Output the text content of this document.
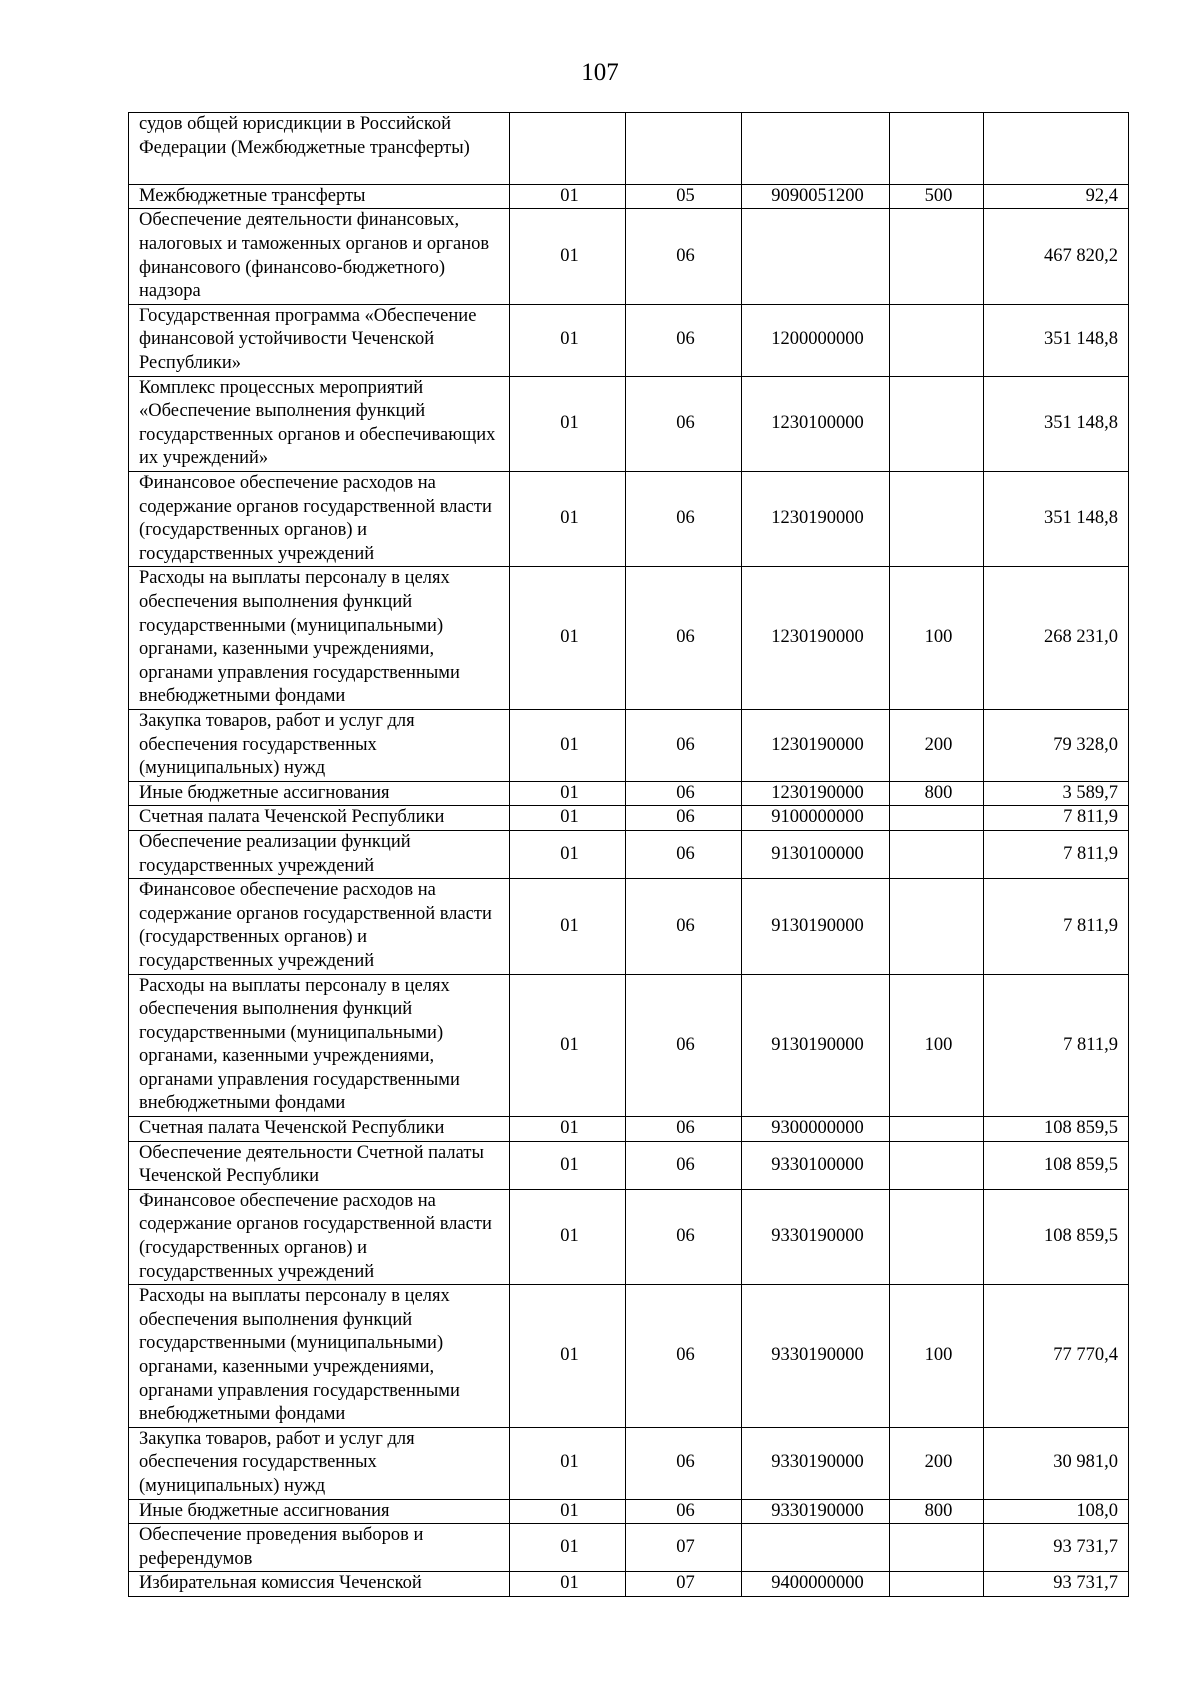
107
судов общей юрисдикции в Российской Федерации (Межбюджетные трансферты)					
Межбюджетные трансферты	01	05	9090051200	500	92,4
Обеспечение деятельности финансовых, налоговых и таможенных органов и органов финансового (финансово-бюджетного) надзора	01	06			467 820,2
Государственная программа «Обеспечение финансовой устойчивости Чеченской Республики»	01	06	1200000000		351 148,8
Комплекс процессных мероприятий «Обеспечение выполнения функций государственных органов и обеспечивающих их учреждений»	01	06	1230100000		351 148,8
Финансовое обеспечение расходов на содержание органов государственной власти (государственных органов) и государственных учреждений	01	06	1230190000		351 148,8
Расходы на выплаты персоналу в целях обеспечения выполнения функций государственными (муниципальными) органами, казенными учреждениями, органами управления государственными внебюджетными фондами	01	06	1230190000	100	268 231,0
Закупка товаров, работ и услуг для обеспечения государственных (муниципальных) нужд	01	06	1230190000	200	79 328,0
Иные бюджетные ассигнования	01	06	1230190000	800	3 589,7
Счетная палата Чеченской Республики	01	06	9100000000		7 811,9
Обеспечение реализации функций государственных учреждений	01	06	9130100000		7 811,9
Финансовое обеспечение расходов на содержание органов государственной власти (государственных органов) и государственных учреждений	01	06	9130190000		7 811,9
Расходы на выплаты персоналу в целях обеспечения выполнения функций государственными (муниципальными) органами, казенными учреждениями, органами управления государственными внебюджетными фондами	01	06	9130190000	100	7 811,9
Счетная палата Чеченской Республики	01	06	9300000000		108 859,5
Обеспечение деятельности Счетной палаты Чеченской Республики	01	06	9330100000		108 859,5
Финансовое обеспечение расходов на содержание органов государственной власти (государственных органов) и государственных учреждений	01	06	9330190000		108 859,5
Расходы на выплаты персоналу в целях обеспечения выполнения функций государственными (муниципальными) органами, казенными учреждениями, органами управления государственными внебюджетными фондами	01	06	9330190000	100	77 770,4
Закупка товаров, работ и услуг для обеспечения государственных (муниципальных) нужд	01	06	9330190000	200	30 981,0
Иные бюджетные ассигнования	01	06	9330190000	800	108,0
Обеспечение проведения выборов и референдумов	01	07			93 731,7
Избирательная комиссия Чеченской	01	07	9400000000		93 731,7
